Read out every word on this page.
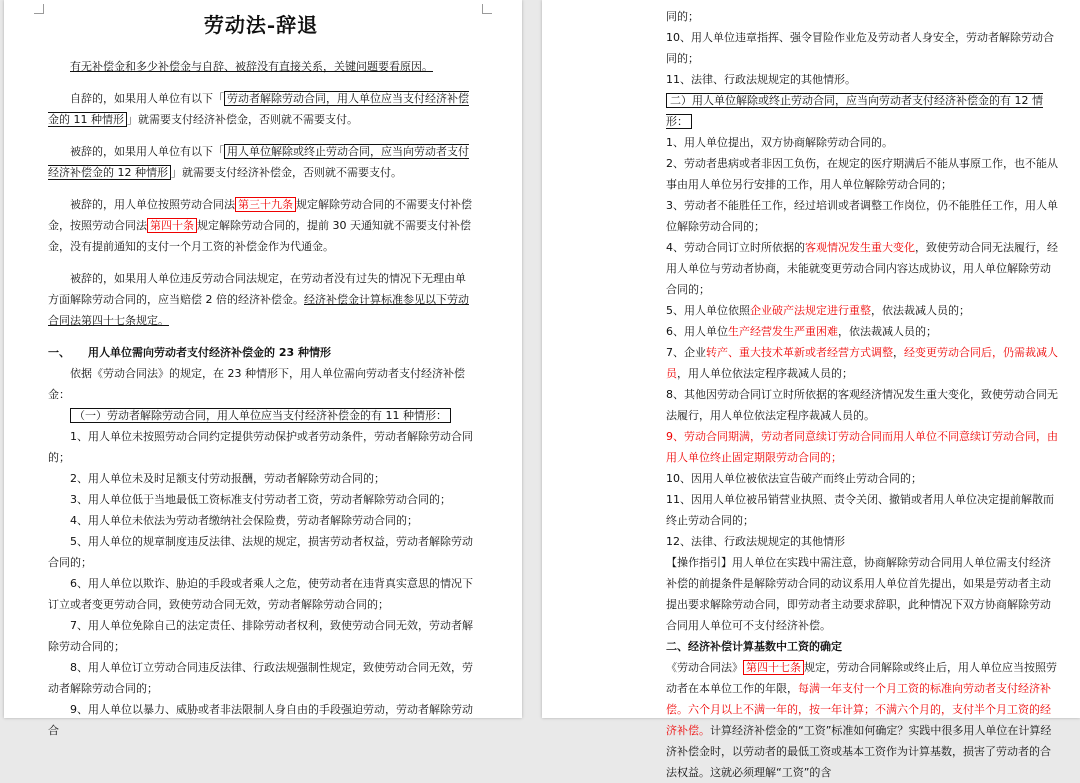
劳动法-辞退

有无补偿金和多少补偿金与自辞、被辞没有直接关系，关键问题要看原因。

自辞的，如果用人单位有以下「 劳动者解除劳动合同，用人单位应当支付经济补偿金的 11 种情形 」就需要支付经济补偿金，否则就不需要支付。

被辞的，如果用人单位有以下「 用人单位解除或终止劳动合同，应当向劳动者支付经济补偿金的 12 种情形 」就需要支付经济补偿金，否则就不需要支付。

被辞的，用人单位按照劳动合同法 第三十九条 规定解除劳动合同的不需要支付补偿金，按照劳动合同法 第四十条 规定解除劳动合同的，提前 30 天通知就不需要支付补偿金，没有提前通知的支付一个月工资的补偿金作为代通金。

被辞的，如果用人单位违反劳动合同法规定，在劳动者没有过失的情况下无理由单方面解除劳动合同的，应当赔偿 2 倍的经济补偿金。经济补偿金计算标准参见以下劳动合同法第四十七条规定。

一、 用人单位需向劳动者支付经济补偿金的 23 种情形

依据《劳动合同法》的规定，在 23 种情形下，用人单位需向劳动者支付经济补偿金：

（一）劳动者解除劳动合同，用人单位应当支付经济补偿金的有 11 种情形：

1、用人单位未按照劳动合同约定提供劳动保护或者劳动条件，劳动者解除劳动合同的；

2、用人单位未及时足额支付劳动报酬，劳动者解除劳动合同的；

3、用人单位低于当地最低工资标准支付劳动者工资，劳动者解除劳动合同的；

4、用人单位未依法为劳动者缴纳社会保险费，劳动者解除劳动合同的；

5、用人单位的规章制度违反法律、法规的规定，损害劳动者权益，劳动者解除劳动合同的；

6、用人单位以欺诈、胁迫的手段或者乘人之危，使劳动者在违背真实意思的情况下订立或者变更劳动合同，致使劳动合同无效，劳动者解除劳动合同的；

7、用人单位免除自己的法定责任、排除劳动者权利，致使劳动合同无效，劳动者解除劳动合同的；

8、用人单位订立劳动合同违反法律、行政法规强制性规定，致使劳动合同无效，劳动者解除劳动合同的；

9、用人单位以暴力、威胁或者非法限制人身自由的手段强迫劳动，劳动者解除劳动合

同的；

10、用人单位违章指挥、强令冒险作业危及劳动者人身安全，劳动者解除劳动合同的；

11、法律、行政法规规定的其他情形。

二）用人单位解除或终止劳动合同，应当向劳动者支付经济补偿金的有 12 情形：

1、用人单位提出，双方协商解除劳动合同的。

2、劳动者患病或者非因工负伤，在规定的医疗期满后不能从事原工作，也不能从事由用人单位另行安排的工作，用人单位解除劳动合同的；

3、劳动者不能胜任工作，经过培训或者调整工作岗位，仍不能胜任工作，用人单位解除劳动合同的；

4、劳动合同订立时所依据的客观情况发生重大变化，致使劳动合同无法履行，经用人单位与劳动者协商，未能就变更劳动合同内容达成协议，用人单位解除劳动合同的；

5、用人单位依照企业破产法规定进行重整，依法裁减人员的；

6、用人单位生产经营发生严重困难，依法裁减人员的；

7、企业转产、重大技术革新或者经营方式调整，经变更劳动合同后，仍需裁减人员，用人单位依法定程序裁减人员的；

8、其他因劳动合同订立时所依据的客观经济情况发生重大变化，致使劳动合同无法履行，用人单位依法定程序裁减人员的。

9、劳动合同期满，劳动者同意续订劳动合同而用人单位不同意续订劳动合同，由用人单位终止固定期限劳动合同的；

10、因用人单位被依法宣告破产而终止劳动合同的；

11、因用人单位被吊销营业执照、责令关闭、撤销或者用人单位决定提前解散而终止劳动合同的；

12、法律、行政法规规定的其他情形

【操作指引】用人单位在实践中需注意，协商解除劳动合同用人单位需支付经济补偿的前提条件是解除劳动合同的动议系用人单位首先提出，如果是劳动者主动提出要求解除劳动合同，即劳动者主动要求辞职，此种情况下双方协商解除劳动合同用人单位可不支付经济补偿。

二、经济补偿计算基数中工资的确定

《劳动合同法》 第四十七条 规定，劳动合同解除或终止后，用人单位应当按照劳动者在本单位工作的年限，每满一年支付一个月工资的标准向劳动者支付经济补偿。六个月以上不满一年的，按一年计算；不满六个月的，支付半个月工资的经济补偿。计算经济补偿金的“工资”标准如何确定？实践中很多用人单位在计算经济补偿金时，以劳动者的最低工资或基本工资作为计算基数，损害了劳动者的合法权益。这就必须理解“工资”的含
